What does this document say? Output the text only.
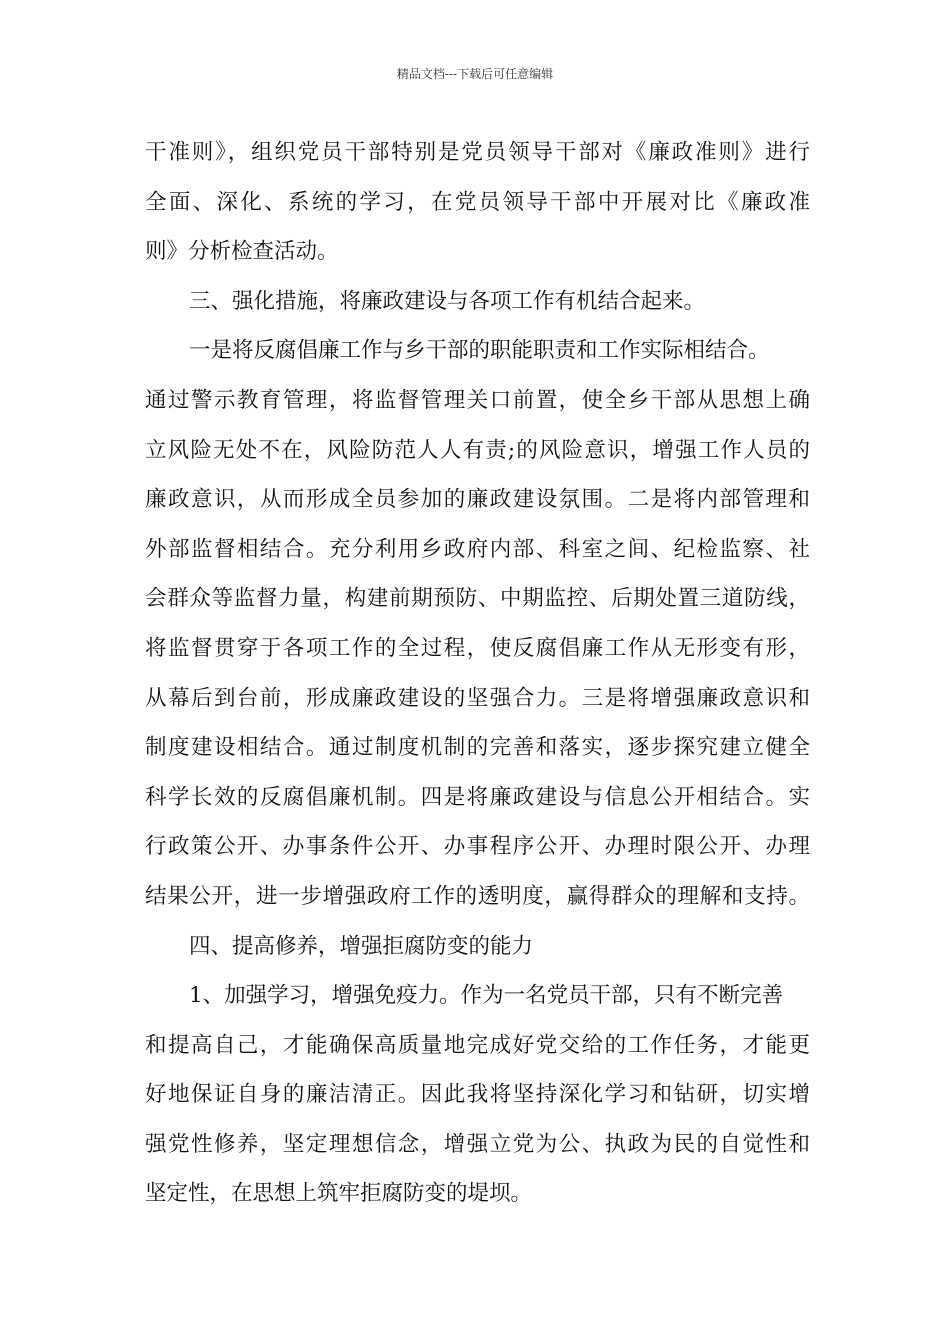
精品文档---下载后可任意编辑
干准则》，组织党员干部特别是党员领导干部对《廉政准则》进行
全面、深化、系统的学习，在党员领导干部中开展对比《廉政准
则》分析检查活动。
三、强化措施，将廉政建设与各项工作有机结合起来。
一是将反腐倡廉工作与乡干部的职能职责和工作实际相结合。
通过警示教育管理，将监督管理关口前置，使全乡干部从思想上确
立风险无处不在，风险防范人人有责;的风险意识，增强工作人员的
廉政意识，从而形成全员参加的廉政建设氛围。二是将内部管理和
外部监督相结合。充分利用乡政府内部、科室之间、纪检监察、社
会群众等监督力量，构建前期预防、中期监控、后期处置三道防线，
将监督贯穿于各项工作的全过程，使反腐倡廉工作从无形变有形，
从幕后到台前，形成廉政建设的坚强合力。三是将增强廉政意识和
制度建设相结合。通过制度机制的完善和落实，逐步探究建立健全
科学长效的反腐倡廉机制。四是将廉政建设与信息公开相结合。实
行政策公开、办事条件公开、办事程序公开、办理时限公开、办理
结果公开，进一步增强政府工作的透明度，赢得群众的理解和支持。
四、提高修养，增强拒腐防变的能力
1、加强学习，增强免疫力。作为一名党员干部，只有不断完善
和提高自己，才能确保高质量地完成好党交给的工作任务，才能更
好地保证自身的廉洁清正。因此我将坚持深化学习和钻研，切实增
强党性修养，坚定理想信念，增强立党为公、执政为民的自觉性和
坚定性，在思想上筑牢拒腐防变的堤坝。
